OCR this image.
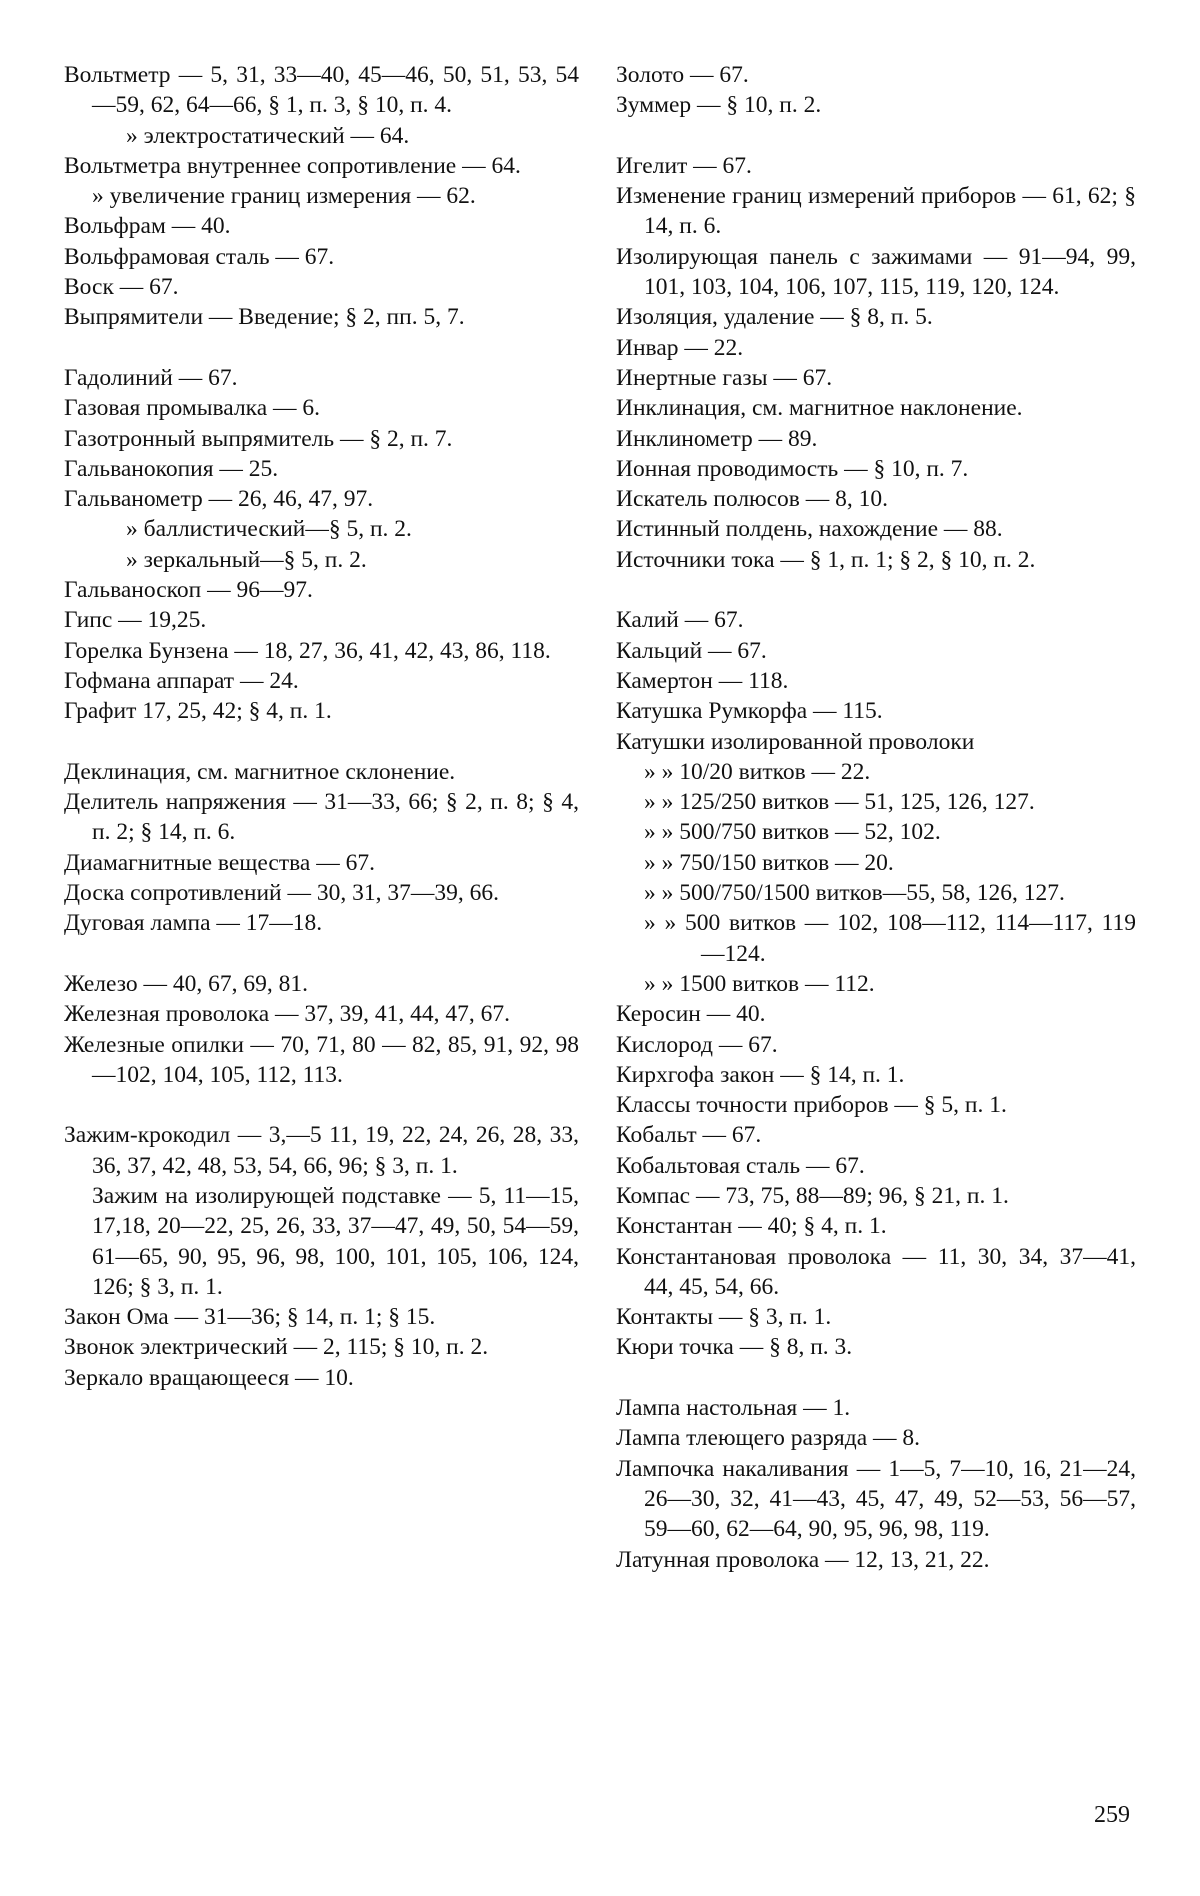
Вольтметр — 5, 31, 33—40, 45—46, 50, 51, 53, 54—59, 62, 64—66, § 1, п. 3, § 10, п. 4.
» электростатический — 64.
Вольтметра внутреннее сопротивление — 64.
» увеличение границ измерения — 62.
Вольфрам — 40.
Вольфрамовая сталь — 67.
Воск — 67.
Выпрямители — Введение; § 2, пп. 5, 7.
Гадолиний — 67.
Газовая промывалка — 6.
Газотронный выпрямитель — § 2, п. 7.
Гальванокопия — 25.
Гальванометр — 26, 46, 47, 97.
» баллистический—§ 5, п. 2.
» зеркальный—§ 5, п. 2.
Гальваноскоп — 96—97.
Гипс — 19,25.
Горелка Бунзена — 18, 27, 36, 41, 42, 43, 86, 118.
Гофмана аппарат — 24.
Графит 17, 25, 42; § 4, п. 1.
Деклинация, см. магнитное склонение.
Делитель напряжения — 31—33, 66; § 2, п. 8; § 4, п. 2; § 14, п. 6.
Диамагнитные вещества — 67.
Доска сопротивлений — 30, 31, 37—39, 66.
Дуговая лампа — 17—18.
Железо — 40, 67, 69, 81.
Железная проволока — 37, 39, 41, 44, 47, 67.
Железные опилки — 70, 71, 80 — 82, 85, 91, 92, 98—102, 104, 105, 112, 113.
Зажим-крокодил — 3,—5 11, 19, 22, 24, 26, 28, 33, 36, 37, 42, 48, 53, 54, 66, 96; § 3, п. 1.
Зажим на изолирующей подставке — 5, 11—15, 17,18, 20—22, 25, 26, 33, 37—47, 49, 50, 54—59, 61—65, 90, 95, 96, 98, 100, 101, 105, 106, 124, 126; § 3, п. 1.
Закон Ома — 31—36; § 14, п. 1; § 15.
Звонок электрический — 2, 115; § 10, п. 2.
Зеркало вращающееся — 10.
Золото — 67.
Зуммер — § 10, п. 2.
Игелит — 67.
Изменение границ измерений приборов — 61, 62; § 14, п. 6.
Изолирующая панель с зажимами — 91—94, 99, 101, 103, 104, 106, 107, 115, 119, 120, 124.
Изоляция, удаление — § 8, п. 5.
Инвар — 22.
Инертные газы — 67.
Инклинация, см. магнитное наклонение.
Инклинометр — 89.
Ионная проводимость — § 10, п. 7.
Искатель полюсов — 8, 10.
Истинный полдень, нахождение — 88.
Источники тока — § 1, п. 1; § 2, § 10, п. 2.
Калий — 67.
Кальций — 67.
Камертон — 118.
Катушка Румкорфа — 115.
Катушки изолированной проволоки
» » 10/20 витков — 22.
» » 125/250 витков — 51, 125, 126, 127.
» » 500/750 витков — 52, 102.
» » 750/150 витков — 20.
» » 500/750/1500 витков—55, 58, 126, 127.
» » 500 витков — 102, 108—112, 114—117, 119—124.
» » 1500 витков — 112.
Керосин — 40.
Кислород — 67.
Кирхгофа закон — § 14, п. 1.
Классы точности приборов — § 5, п. 1.
Кобальт — 67.
Кобальтовая сталь — 67.
Компас — 73, 75, 88—89; 96, § 21, п. 1.
Константан — 40; § 4, п. 1.
Константановая проволока — 11, 30, 34, 37—41, 44, 45, 54, 66.
Контакты — § 3, п. 1.
Кюри точка — § 8, п. 3.
Лампа настольная — 1.
Лампа тлеющего разряда — 8.
Лампочка накаливания — 1—5, 7—10, 16, 21—24, 26—30, 32, 41—43, 45, 47, 49, 52—53, 56—57, 59—60, 62—64, 90, 95, 96, 98, 119.
Латунная проволока — 12, 13, 21, 22.
259
